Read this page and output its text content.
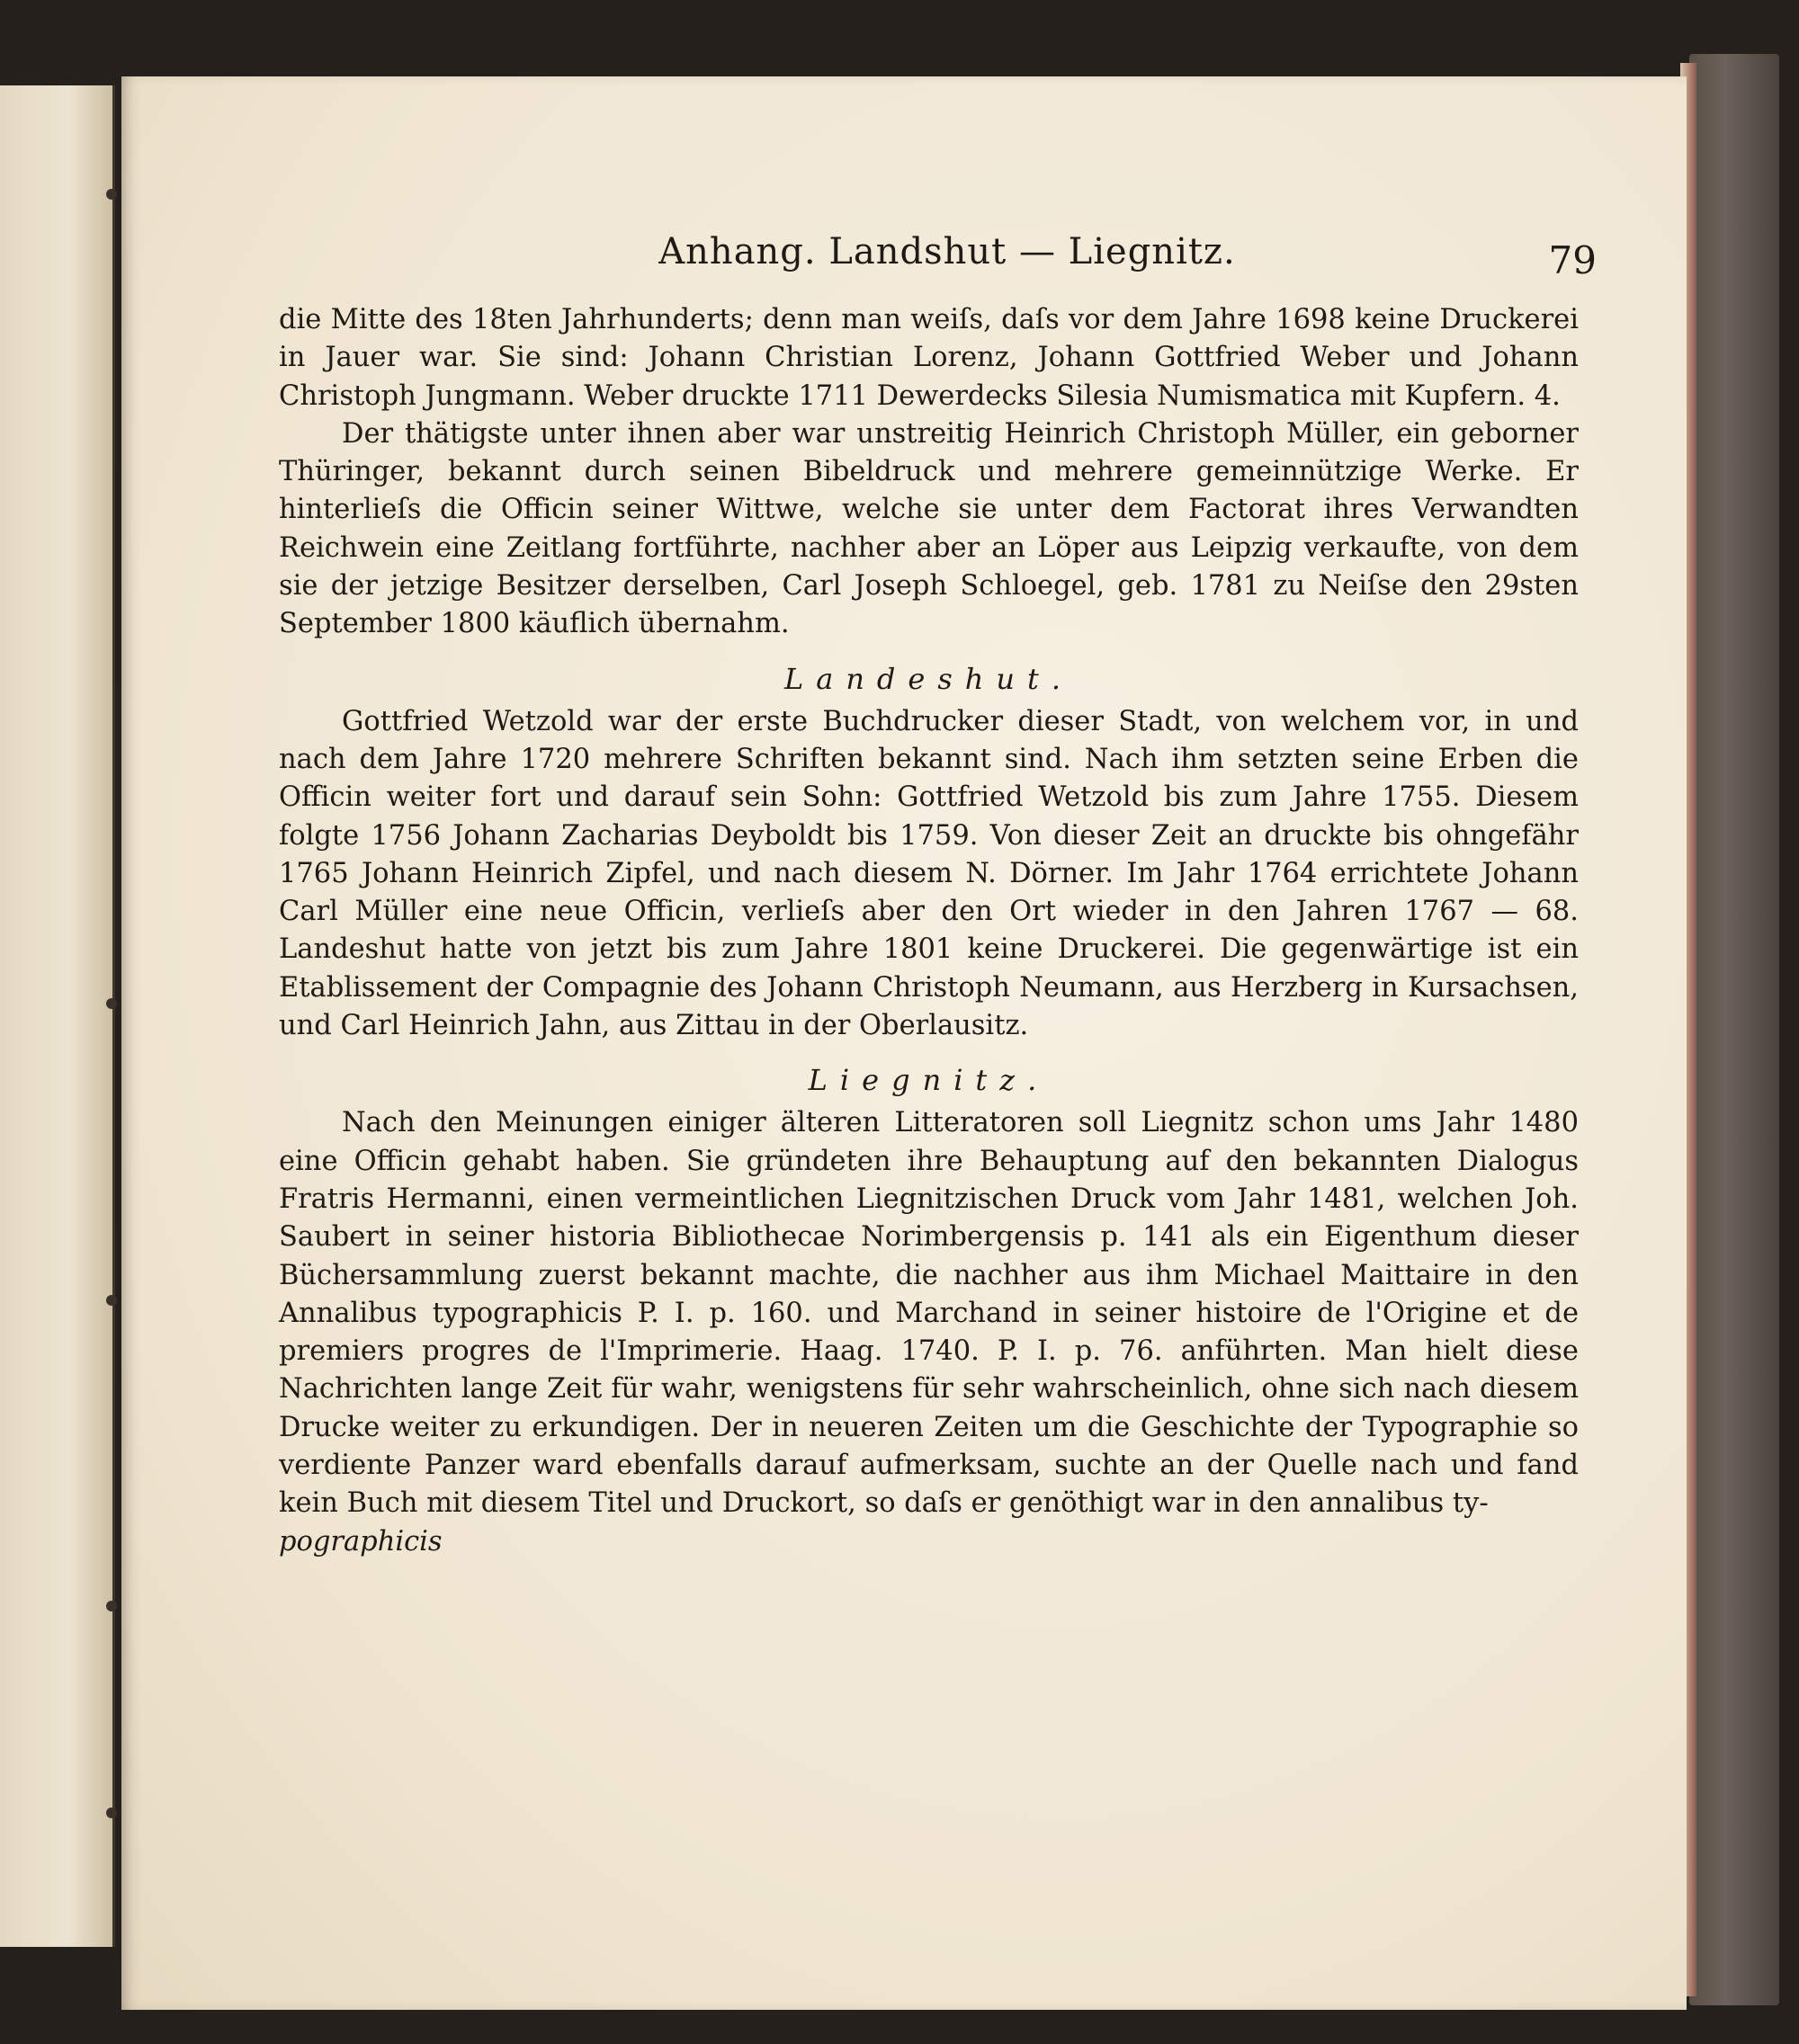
Anhang. Landshut — Liegnitz.	79

die Mitte des 18ten Jahrhunderts; denn man weiſs, daſs vor dem Jahre 1698 keine Druckerei in Jauer war. Sie sind: Johann Christian Lorenz, Johann Gottfried Weber und Johann Christoph Jungmann. Weber druckte 1711 Dewerdecks Silesia Numismatica mit Kupfern. 4.

Der thätigste unter ihnen aber war unstreitig Heinrich Christoph Müller, ein geborner Thüringer, bekannt durch seinen Bibeldruck und mehrere gemeinnützige Werke. Er hinterlieſs die Officin seiner Wittwe, welche sie unter dem Factorat ihres Verwandten Reichwein eine Zeitlang fortführte, nachher aber an Löper aus Leipzig verkaufte, von dem sie der jetzige Besitzer derselben, Carl Joseph Schloegel, geb. 1781 zu Neiſse den 29sten September 1800 käuflich übernahm.

Landeshut.

Gottfried Wetzold war der erste Buchdrucker dieser Stadt, von welchem vor, in und nach dem Jahre 1720 mehrere Schriften bekannt sind. Nach ihm setzten seine Erben die Officin weiter fort und darauf sein Sohn: Gottfried Wetzold bis zum Jahre 1755. Diesem folgte 1756 Johann Zacharias Deyboldt bis 1759. Von dieser Zeit an druckte bis ohngefähr 1765 Johann Heinrich Zipfel, und nach diesem N. Dörner. Im Jahr 1764 errichtete Johann Carl Müller eine neue Officin, verlieſs aber den Ort wieder in den Jahren 1767 — 68. Landeshut hatte von jetzt bis zum Jahre 1801 keine Druckerei. Die gegenwärtige ist ein Etablissement der Compagnie des Johann Christoph Neumann, aus Herzberg in Kursachsen, und Carl Heinrich Jahn, aus Zittau in der Oberlausitz.

Liegnitz.

Nach den Meinungen einiger älteren Litteratoren soll Liegnitz schon ums Jahr 1480 eine Officin gehabt haben. Sie gründeten ihre Behauptung auf den bekannten Dialogus Fratris Hermanni, einen vermeintlichen Liegnitzischen Druck vom Jahr 1481, welchen Joh. Saubert in seiner historia Bibliothecae Norimbergensis p. 141 als ein Eigenthum dieser Büchersammlung zuerst bekannt machte, die nachher aus ihm Michael Maittaire in den Annalibus typographicis P. I. p. 160. und Marchand in seiner histoire de l'Origine et de premiers progres de l'Imprimerie. Haag. 1740. P. I. p. 76. anführten. Man hielt diese Nachrichten lange Zeit für wahr, wenigstens für sehr wahrscheinlich, ohne sich nach diesem Drucke weiter zu erkundigen. Der in neueren Zeiten um die Geschichte der Typographie so verdiente Panzer ward ebenfalls darauf aufmerksam, suchte an der Quelle nach und fand kein Buch mit diesem Titel und Druckort, so daſs er genöthigt war in den annalibus ty-

pographicis
